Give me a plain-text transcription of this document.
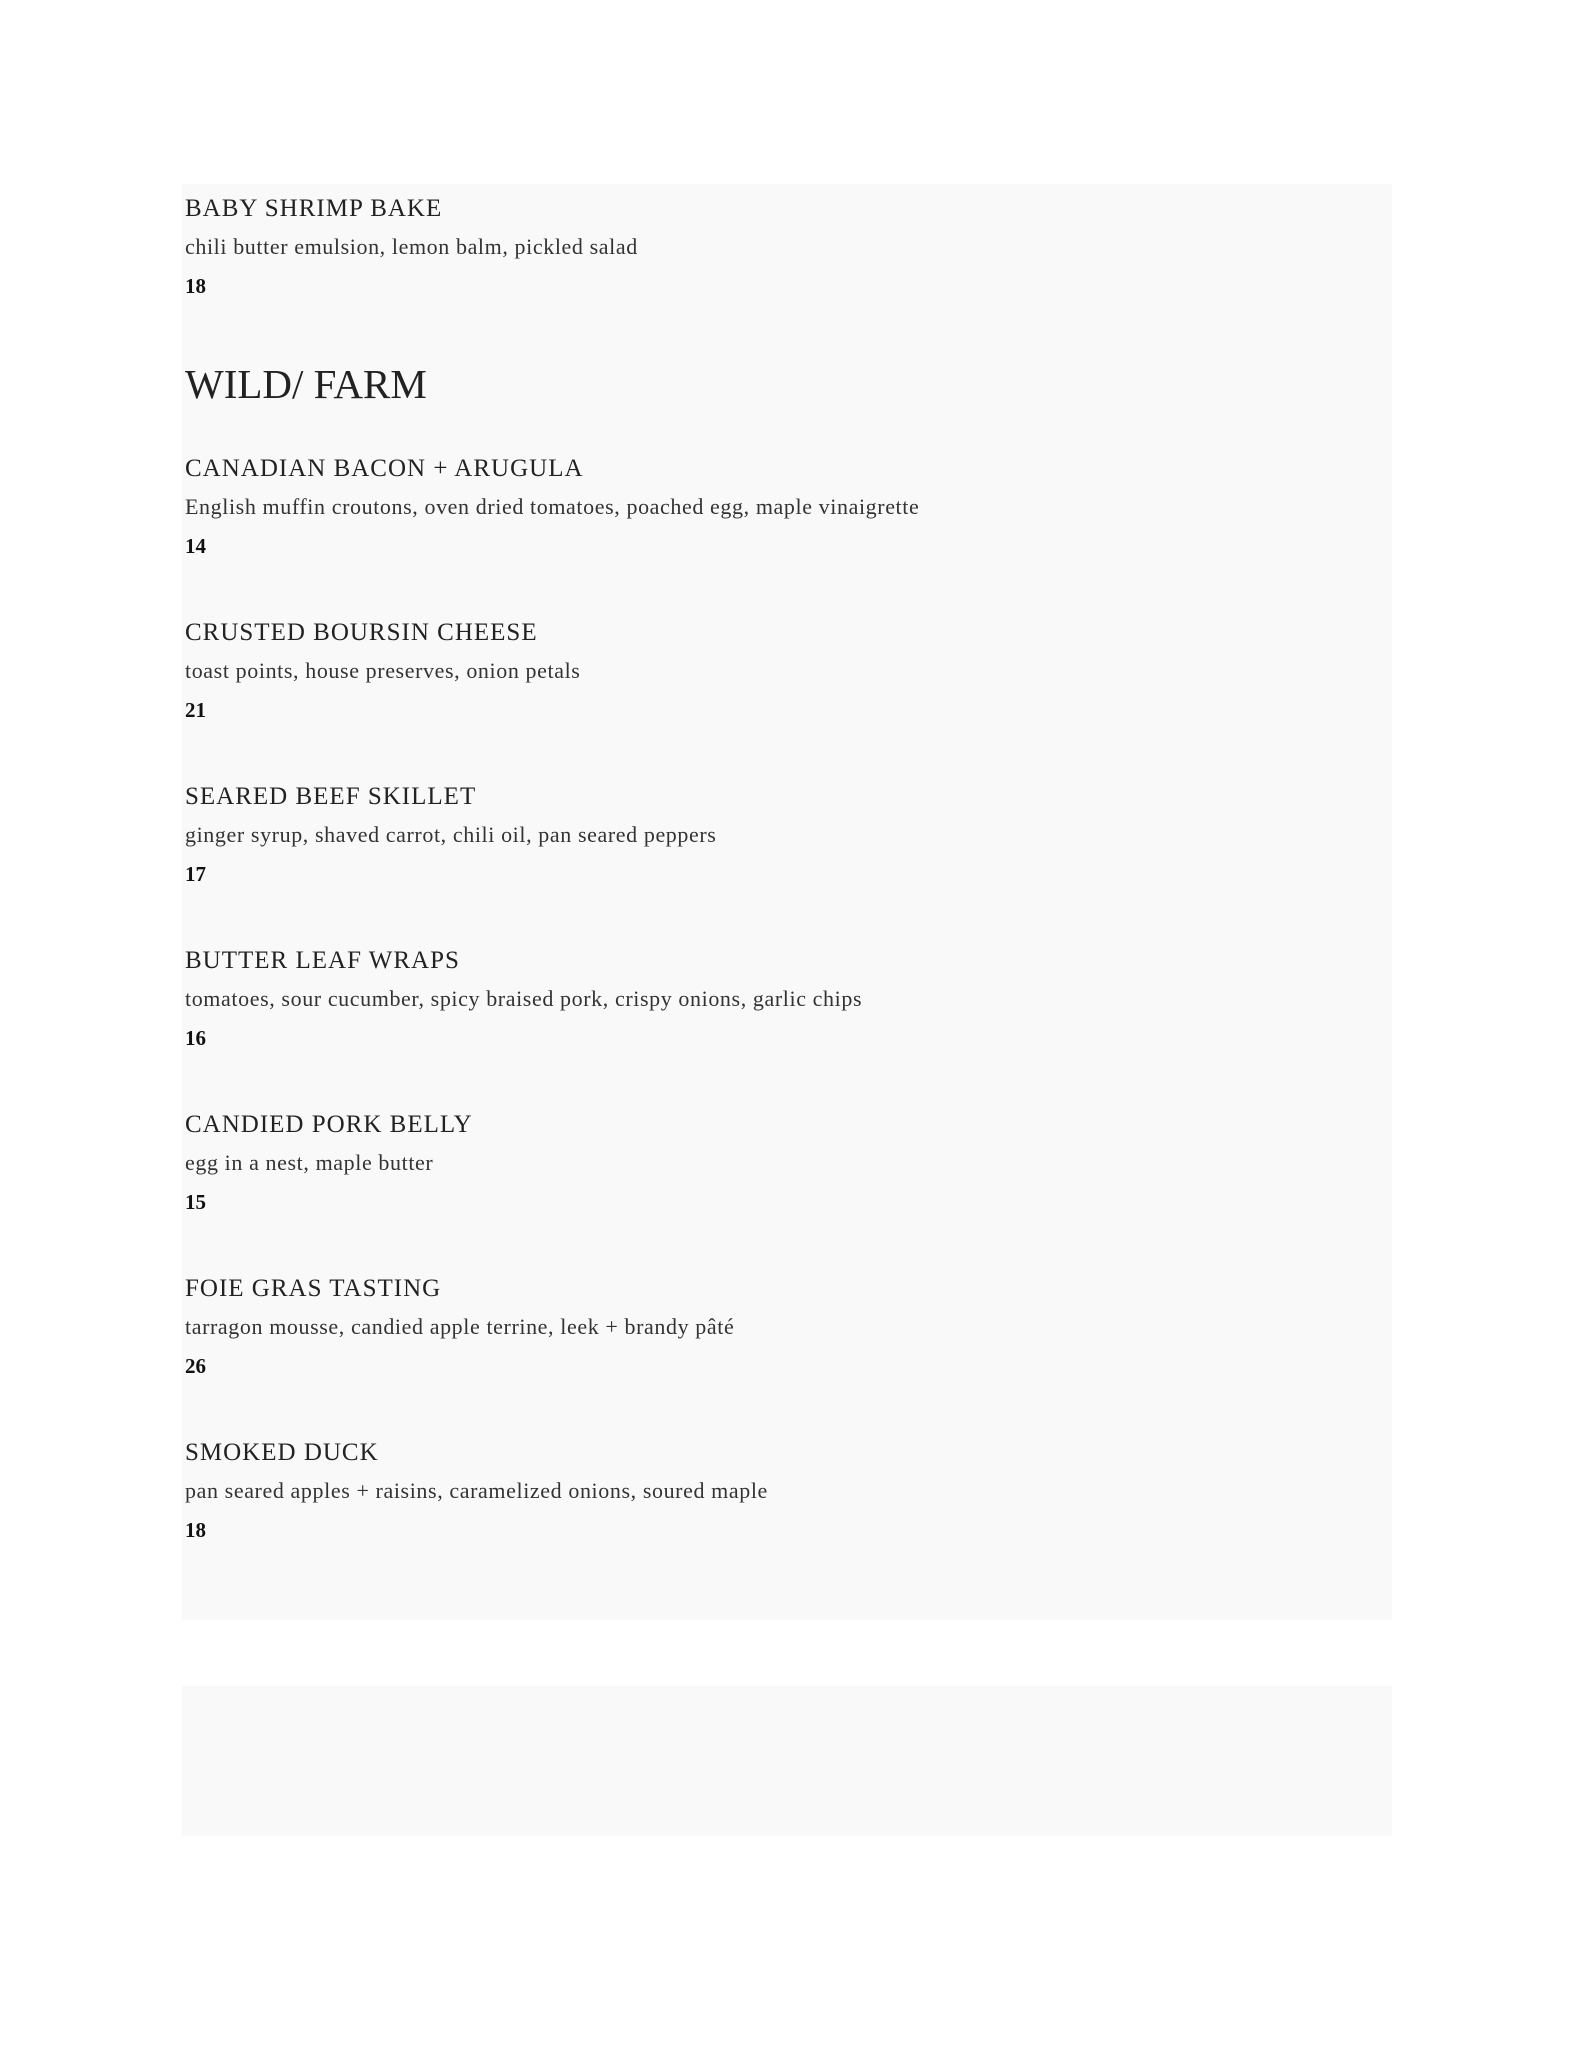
BABY SHRIMP BAKE
chili butter emulsion, lemon balm, pickled salad
18
WILD/ FARM
CANADIAN BACON + ARUGULA
English muffin croutons, oven dried tomatoes, poached egg, maple vinaigrette
14
CRUSTED BOURSIN CHEESE
toast points, house preserves, onion petals
21
SEARED BEEF SKILLET
ginger syrup, shaved carrot, chili oil, pan seared peppers
17
BUTTER LEAF WRAPS
tomatoes, sour cucumber, spicy braised pork, crispy onions, garlic chips
16
CANDIED PORK BELLY
egg in a nest, maple butter
15
FOIE GRAS TASTING
tarragon mousse, candied apple terrine, leek + brandy pâté
26
SMOKED DUCK
pan seared apples + raisins, caramelized onions, soured maple
18
